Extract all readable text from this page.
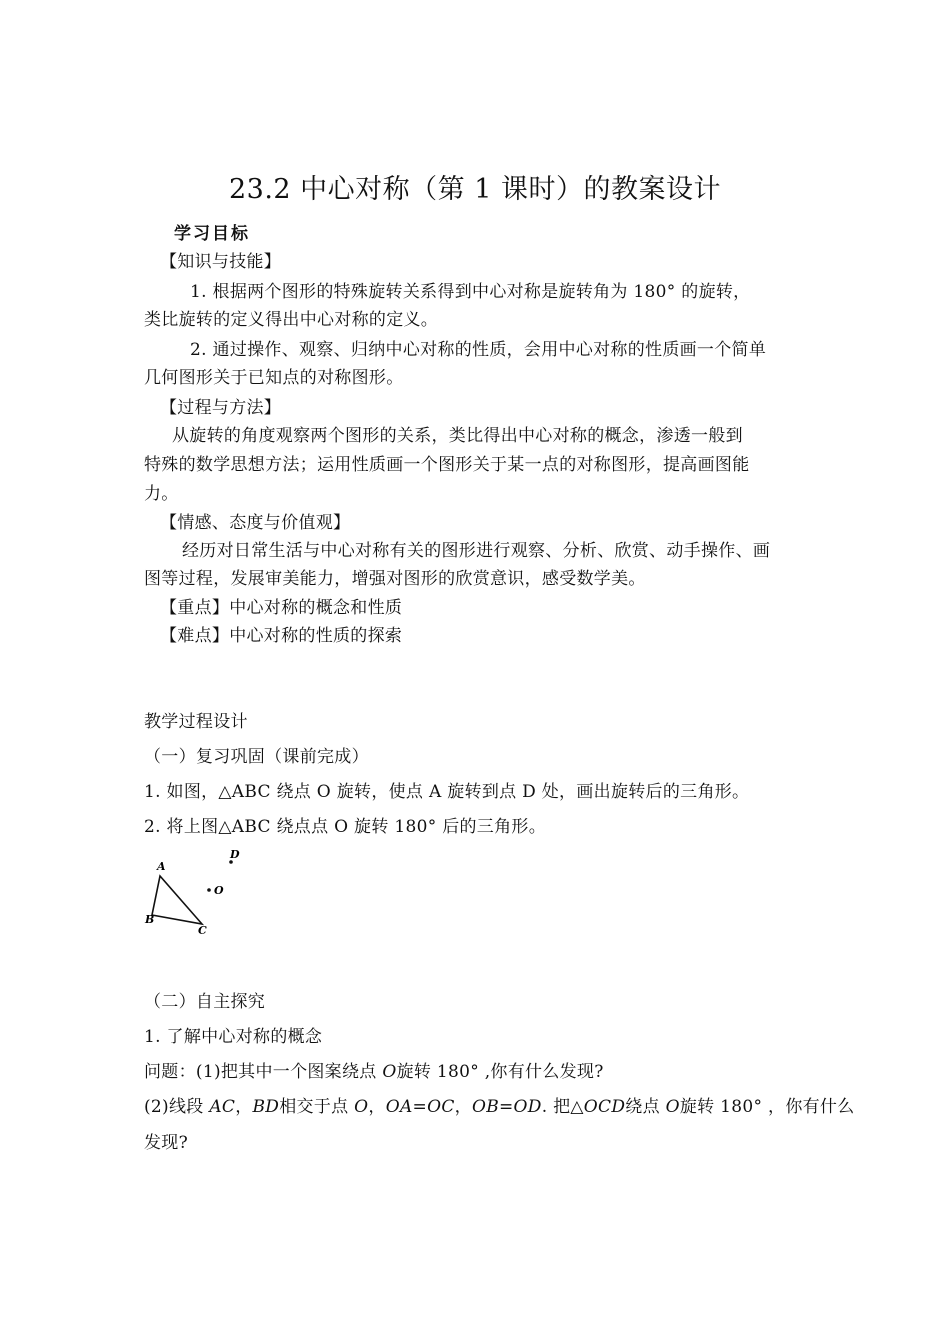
23.2 中心对称（第 1 课时）的教案设计
学习目标
【知识与技能】
1. 根据两个图形的特殊旋转关系得到中心对称是旋转角为 180° 的旋转，
类比旋转的定义得出中心对称的定义。
2. 通过操作、观察、归纳中心对称的性质，会用中心对称的性质画一个简单
几何图形关于已知点的对称图形。
【过程与方法】
从旋转的角度观察两个图形的关系，类比得出中心对称的概念，渗透一般到
特殊的数学思想方法；运用性质画一个图形关于某一点的对称图形，提高画图能
力。
【情感、态度与价值观】
经历对日常生活与中心对称有关的图形进行观察、分析、欣赏、动手操作、画
图等过程，发展审美能力，增强对图形的欣赏意识，感受数学美。
【重点】中心对称的概念和性质
【难点】中心对称的性质的探索
教学过程设计
（一）复习巩固（课前完成）
1. 如图，△ABC 绕点 O 旋转，使点 A 旋转到点 D 处，画出旋转后的三角形。
2. 将上图△ABC 绕点点 O 旋转 180° 后的三角形。
A
B
C
D
O
（二）自主探究
1. 了解中心对称的概念
问题：(1)把其中一个图案绕点 O旋转 180° ,你有什么发现?
(2)线段 AC，BD相交于点 O，OA=OC，OB=OD. 把△OCD绕点 O旋转 180° ，你有什么
发现?
